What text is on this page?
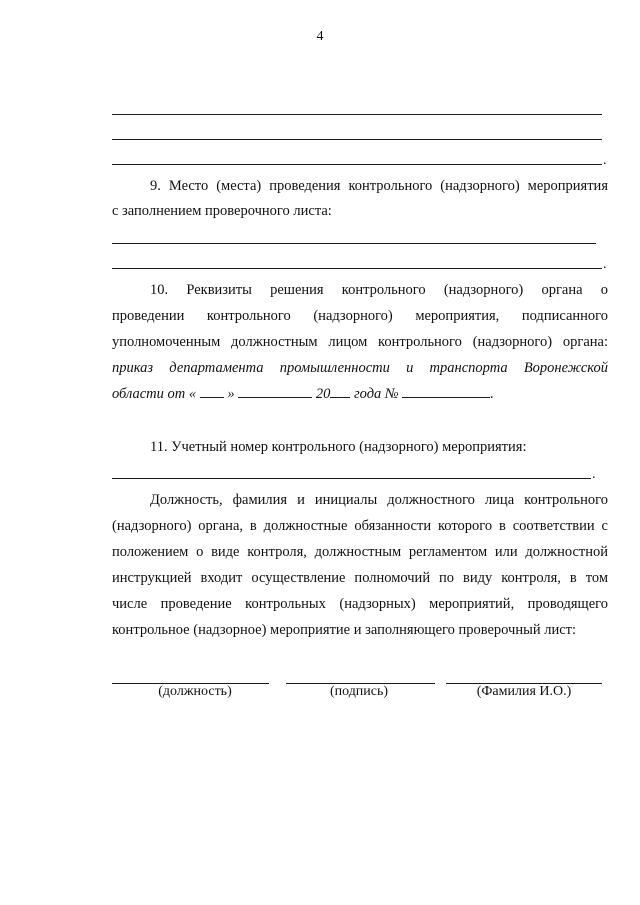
4
.
9. Место (места) проведения контрольного (надзорного) мероприятия
с заполнением проверочного листа:
.
10. Реквизиты решения контрольного (надзорного) органа о
проведении контрольного (надзорного) мероприятия, подписанного
уполномоченным должностным лицом контрольного (надзорного) органа:
приказ департамента промышленности и транспорта Воронежской
области от « »	20 года №	.
11. Учетный номер контрольного (надзорного) мероприятия:
.
Должность, фамилия и инициалы должностного лица контрольного
(надзорного) органа, в должностные обязанности которого в соответствии с
положением о виде контроля, должностным регламентом или должностной
инструкцией входит осуществление полномочий по виду контроля, в том
числе проведение контрольных (надзорных) мероприятий, проводящего
контрольное (надзорное) мероприятие и заполняющего проверочный лист:
(должность)	(подпись)	(Фамилия И.О.)
